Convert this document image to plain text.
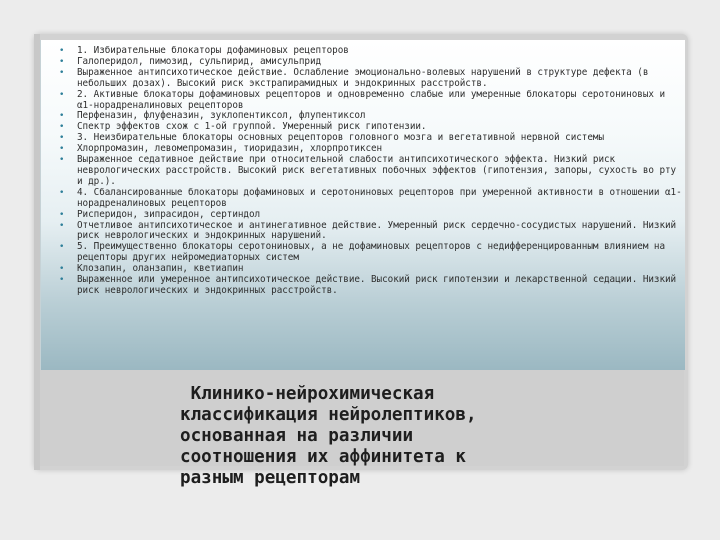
• 1. Избирательные блокаторы дофаминовых рецепторов
• Галоперидол, пимозид, сульпирид, амисульприд
• Выраженное антипсихотическое действие. Ослабление эмоционально-волевых нарушений в структуре дефекта (в небольших дозах). Высокий риск экстрапирамидных и эндокринных расстройств.
• 2. Активные блокаторы дофаминовых рецепторов и одновременно слабые или умеренные блокаторы серотониновых и α1-норадреналиновых рецепторов
• Перфеназин, флуфеназин, зуклопентиксол, флупентиксол
• Спектр эффектов схож с 1-ой группой. Умеренный риск гипотензии.
• 3. Неизбирательные блокаторы основных рецепторов головного мозга и вегетативной нервной системы
• Хлорпромазин, левомепромазин, тиоридазин, хлорпротиксен
• Выраженное седативное действие при относительной слабости антипсихотического эффекта. Низкий риск неврологических расстройств. Высокий риск вегетативных побочных эффектов (гипотензия, запоры, сухость во рту и др.).
• 4. Сбалансированные блокаторы дофаминовых и серотониновых рецепторов при умеренной активности в отношении α1-норадреналиновых рецепторов
• Рисперидон, зипрасидон, сертиндол
• Отчетливое антипсихотическое и антинегативное действие. Умеренный риск сердечно-сосудистых нарушений. Низкий риск неврологических и эндокринных нарушений.
• 5. Преимущественно блокаторы серотониновых, а не дофаминовых рецепторов с недифференцированным влиянием на рецепторы других нейромедиаторных систем
• Клозапин, оланзапин, кветиапин
• Выраженное или умеренное антипсихотическое действие. Высокий риск гипотензии и лекарственной седации. Низкий риск неврологических и эндокринных расстройств.
Клинико-нейрохимическая
классификация нейролептиков,
основанная на различии
соотношения их аффинитета к
разным рецепторам
